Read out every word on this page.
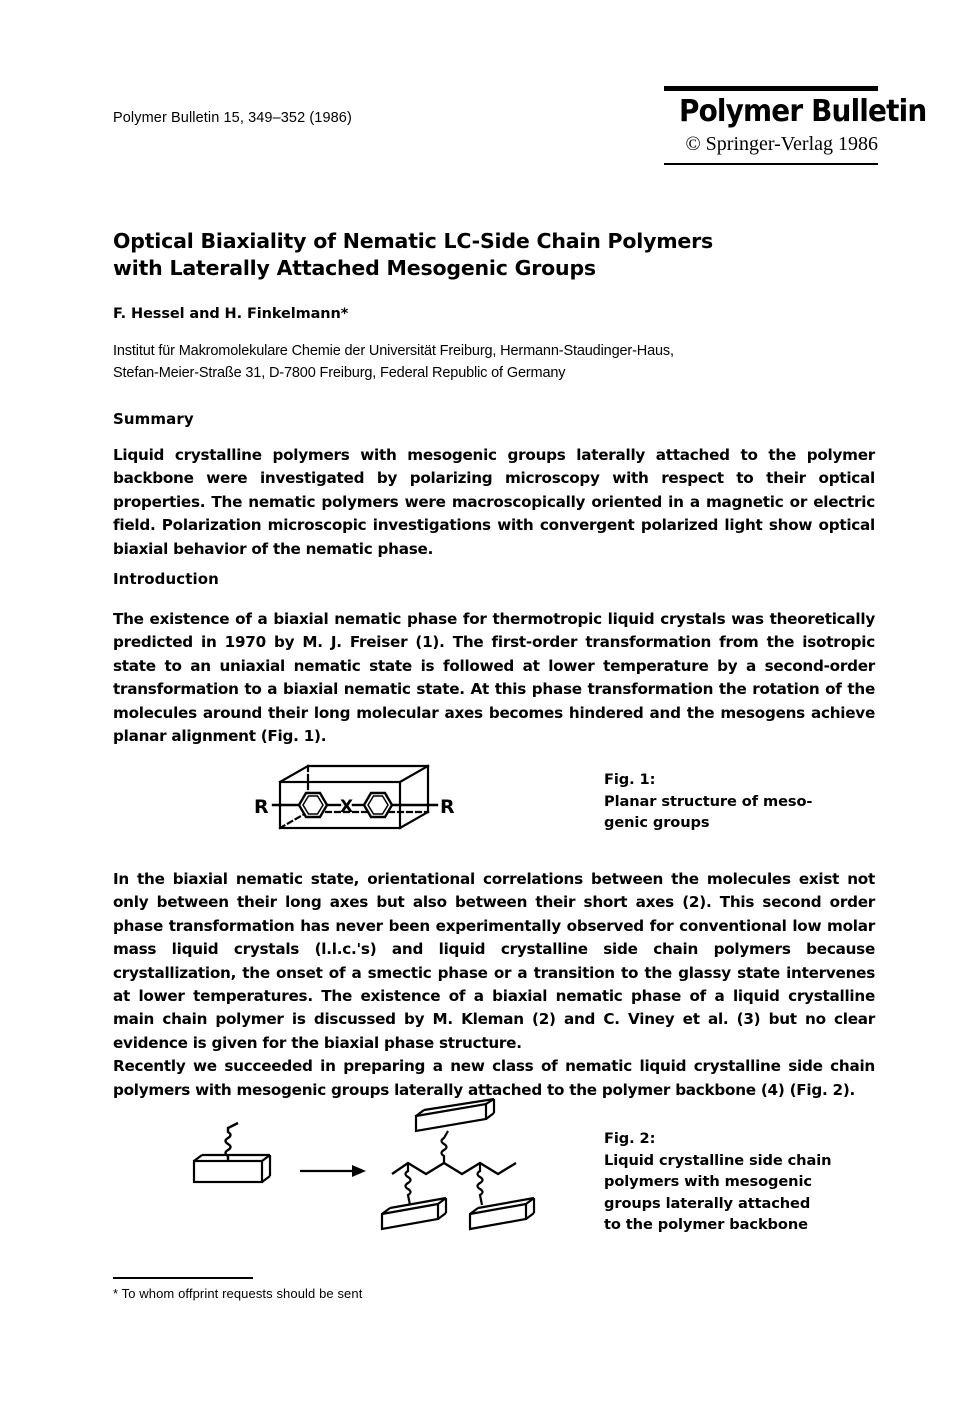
Polymer Bulletin 15, 349–352 (1986)	Polymer Bulletin
© Springer-Verlag 1986
Optical Biaxiality of Nematic LC-Side Chain Polymers
with Laterally Attached Mesogenic Groups
F. Hessel and H. Finkelmann*
Institut für Makromolekulare Chemie der Universität Freiburg, Hermann-Staudinger-Haus,
Stefan-Meier-Straße 31, D-7800 Freiburg, Federal Republic of Germany
Summary

Liquid crystalline polymers with mesogenic groups laterally attached to the polymer backbone were investigated by polarizing microscopy with respect to their optical properties. The nematic polymers were macroscopically oriented in a magnetic or electric field. Polarization microscopic investigations with convergent polarized light show optical biaxial behavior of the nematic phase.

Introduction

The existence of a biaxial nematic phase for thermotropic liquid crystals was theoretically predicted in 1970 by M. J. Freiser (1). The first-order transformation from the isotropic state to an uniaxial nematic state is followed at lower temperature by a second-order transformation to a biaxial nematic state. At this phase transformation the rotation of the molecules around their long molecular axes becomes hindered and the mesogens achieve planar alignment (Fig. 1).

R	X	R
Fig. 1:
Planar structure of meso-
genic groups

In the biaxial nematic state, orientational correlations between the molecules exist not only between their long axes but also between their short axes (2). This second order phase transformation has never been experimentally observed for conventional low molar mass liquid crystals (l.l.c.'s) and liquid crystalline side chain polymers because crystallization, the onset of a smectic phase or a transition to the glassy state intervenes at lower temperatures. The existence of a biaxial nematic phase of a liquid crystalline main chain polymer is discussed by M. Kleman (2) and C. Viney et al. (3) but no clear evidence is given for the biaxial phase structure.

Recently we succeeded in preparing a new class of nematic liquid crystalline side chain polymers with mesogenic groups laterally attached to the polymer backbone (4) (Fig. 2).

Fig. 2:
Liquid crystalline side chain
polymers with mesogenic
groups laterally attached
to the polymer backbone
* To whom offprint requests should be sent
